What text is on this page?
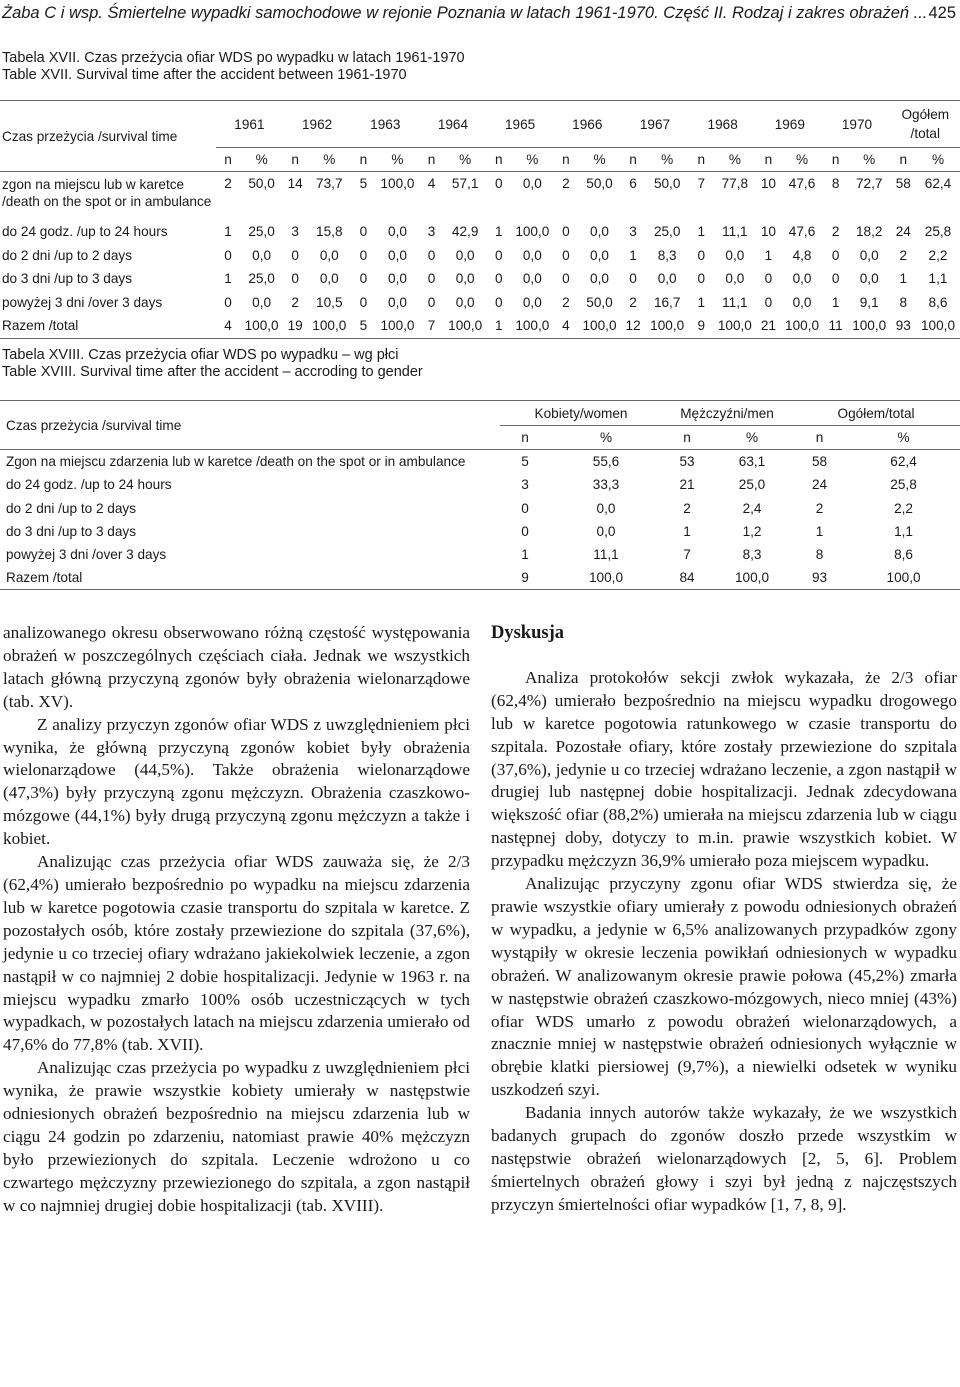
Żaba C i wsp. Śmiertelne wypadki samochodowe w rejonie Poznania w latach 1961-1970. Część II. Rodzaj i zakres obrażeń ... 425
Tabela XVII. Czas przeżycia ofiar WDS po wypadku w latach 1961-1970
Table XVII. Survival time after the accident between 1961-1970
Czas przeżycia /survival time	1961		1962		1963		1964		1965		1966		1967		1968		1969		1970		Ogółem
/total	

	n	%	n	%	n	%	n	%	n	%	n	%	n	%	n	%	n	%	n	%	n	%

zgon na miejscu lub w karetce
/death on the spot or in ambulance	2	50,0	14	73,7	5	100,0	4	57,1	0	0,0	2	50,0	6	50,0	7	77,8	10	47,6	8	72,7	58	62,4

do 24 godz. /up to 24 hours	1	25,0	3	15,8	0	0,0	3	42,9	1	100,0	0	0,0	3	25,0	1	11,1	10	47,6	2	18,2	24	25,8

do 2 dni /up to 2 days	0	0,0	0	0,0	0	0,0	0	0,0	0	0,0	0	0,0	1	8,3	0	0,0	1	4,8	0	0,0	2	2,2

do 3 dni /up to 3 days	1	25,0	0	0,0	0	0,0	0	0,0	0	0,0	0	0,0	0	0,0	0	0,0	0	0,0	0	0,0	1	1,1

powyżej 3 dni /over 3 days	0	0,0	2	10,5	0	0,0	0	0,0	0	0,0	2	50,0	2	16,7	1	11,1	0	0,0	1	9,1	8	8,6

Razem /total	4	100,0	19	100,0	5	100,0	7	100,0	1	100,0	4	100,0	12	100,0	9	100,0	21	100,0	11	100,0	93	100,0
Tabela XVIII. Czas przeżycia ofiar WDS po wypadku – wg płci
Table XVIII. Survival time after the accident – accroding to gender
Czas przeżycia /survival time	Kobiety/women		Mężczyźni/men		Ogółem/total	
	n	%	n	%	n	%
Zgon na miejscu zdarzenia lub w karetce /death on the spot or in ambulance	5	55,6	53	63,1	58	62,4
do 24 godz. /up to 24 hours	3	33,3	21	25,0	24	25,8
do 2 dni /up to 2 days	0	0,0	2	2,4	2	2,2
do 3 dni /up to 3 days	0	0,0	1	1,2	1	1,1
powyżej 3 dni /over 3 days	1	11,1	7	8,3	8	8,6
Razem /total	9	100,0	84	100,0	93	100,0

analizowanego okresu obserwowano różną częstość występowania obrażeń w poszczególnych częściach ciała. Jednak we wszystkich latach główną przyczyną zgonów były obrażenia wielonarządowe (tab. XV).

Z analizy przyczyn zgonów ofiar WDS z uwzględnieniem płci wynika, że główną przyczyną zgonów kobiet były obrażenia wielonarządowe (44,5%). Także obrażenia wielonarządowe (47,3%) były przyczyną zgonu mężczyzn. Obrażenia czaszkowo-mózgowe (44,1%) były drugą przyczyną zgonu mężczyzn a także i kobiet.

Analizując czas przeżycia ofiar WDS zauważa się, że 2/3 (62,4%) umierało bezpośrednio po wypadku na miejscu zdarzenia lub w karetce pogotowia czasie transportu do szpitala w karetce. Z pozostałych osób, które zostały przewiezione do szpitala (37,6%), jedynie u co trzeciej ofiary wdrażano jakiekolwiek leczenie, a zgon nastąpił w co najmniej 2 dobie hospitalizacji. Jedynie w 1963 r. na miejscu wypadku zmarło 100% osób uczestniczących w tych wypadkach, w pozostałych latach na miejscu zdarzenia umierało od 47,6% do 77,8% (tab. XVII).

Analizując czas przeżycia po wypadku z uwzględnieniem płci wynika, że prawie wszystkie kobiety umierały w następstwie odniesionych obrażeń bezpośrednio na miejscu zdarzenia lub w ciągu 24 godzin po zdarzeniu, natomiast prawie 40% mężczyzn było przewiezionych do szpitala. Leczenie wdrożono u co czwartego mężczyzny przewiezionego do szpitala, a zgon nastąpił w co najmniej drugiej dobie hospitalizacji (tab. XVIII).

Dyskusja

Analiza protokołów sekcji zwłok wykazała, że 2/3 ofiar (62,4%) umierało bezpośrednio na miejscu wypadku drogowego lub w karetce pogotowia ratunkowego w czasie transportu do szpitala. Pozostałe ofiary, które zostały przewiezione do szpitala (37,6%), jedynie u co trzeciej wdrażano leczenie, a zgon nastąpił w drugiej lub następnej dobie hospitalizacji. Jednak zdecydowana większość ofiar (88,2%) umierała na miejscu zdarzenia lub w ciągu następnej doby, dotyczy to m.in. prawie wszystkich kobiet. W przypadku mężczyzn 36,9% umierało poza miejscem wypadku.

Analizując przyczyny zgonu ofiar WDS stwierdza się, że prawie wszystkie ofiary umierały z powodu odniesionych obrażeń w wypadku, a jedynie w 6,5% analizowanych przypadków zgony wystąpiły w okresie leczenia powikłań odniesionych w wypadku obrażeń. W analizowanym okresie prawie połowa (45,2%) zmarła w następstwie obrażeń czaszkowo-mózgowych, nieco mniej (43%) ofiar WDS umarło z powodu obrażeń wielonarządowych, a znacznie mniej w następstwie obrażeń odniesionych wyłącznie w obrębie klatki piersiowej (9,7%), a niewielki odsetek w wyniku uszkodzeń szyi.

Badania innych autorów także wykazały, że we wszystkich badanych grupach do zgonów doszło przede wszystkim w następstwie obrażeń wielonarządowych [2, 5, 6]. Problem śmiertelnych obrażeń głowy i szyi był jedną z najczęstszych przyczyn śmiertelności ofiar wypadków [1, 7, 8, 9].
